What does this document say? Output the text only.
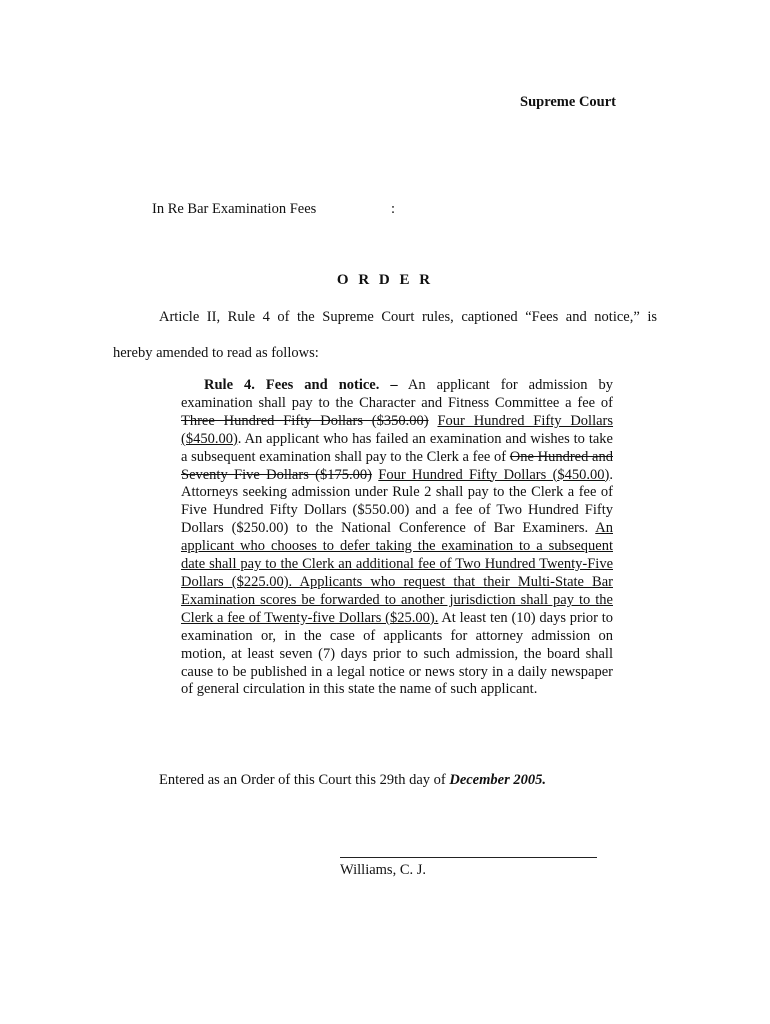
Supreme Court
In Re Bar Examination Fees	:
O R D E R
Article II, Rule 4 of the Supreme Court rules, captioned “Fees and notice,” is
hereby amended to read as follows:
Rule 4. Fees and notice. – An applicant for admission by examination shall pay to the Character and Fitness Committee a fee of Three Hundred Fifty Dollars ($350.00) Four Hundred Fifty Dollars ($450.00). An applicant who has failed an examination and wishes to take a subsequent examination shall pay to the Clerk a fee of One Hundred and Seventy Five Dollars ($175.00) Four Hundred Fifty Dollars ($450.00). Attorneys seeking admission under Rule 2 shall pay to the Clerk a fee of Five Hundred Fifty Dollars ($550.00) and a fee of Two Hundred Fifty Dollars ($250.00) to the National Conference of Bar Examiners. An applicant who chooses to defer taking the examination to a subsequent date shall pay to the Clerk an additional fee of Two Hundred Twenty-Five Dollars ($225.00). Applicants who request that their Multi-State Bar Examination scores be forwarded to another jurisdiction shall pay to the Clerk a fee of Twenty-five Dollars ($25.00). At least ten (10) days prior to examination or, in the case of applicants for attorney admission on motion, at least seven (7) days prior to such admission, the board shall cause to be published in a legal notice or news story in a daily newspaper of general circulation in this state the name of such applicant.
Entered as an Order of this Court this 29th day of December 2005.
Williams, C. J.
